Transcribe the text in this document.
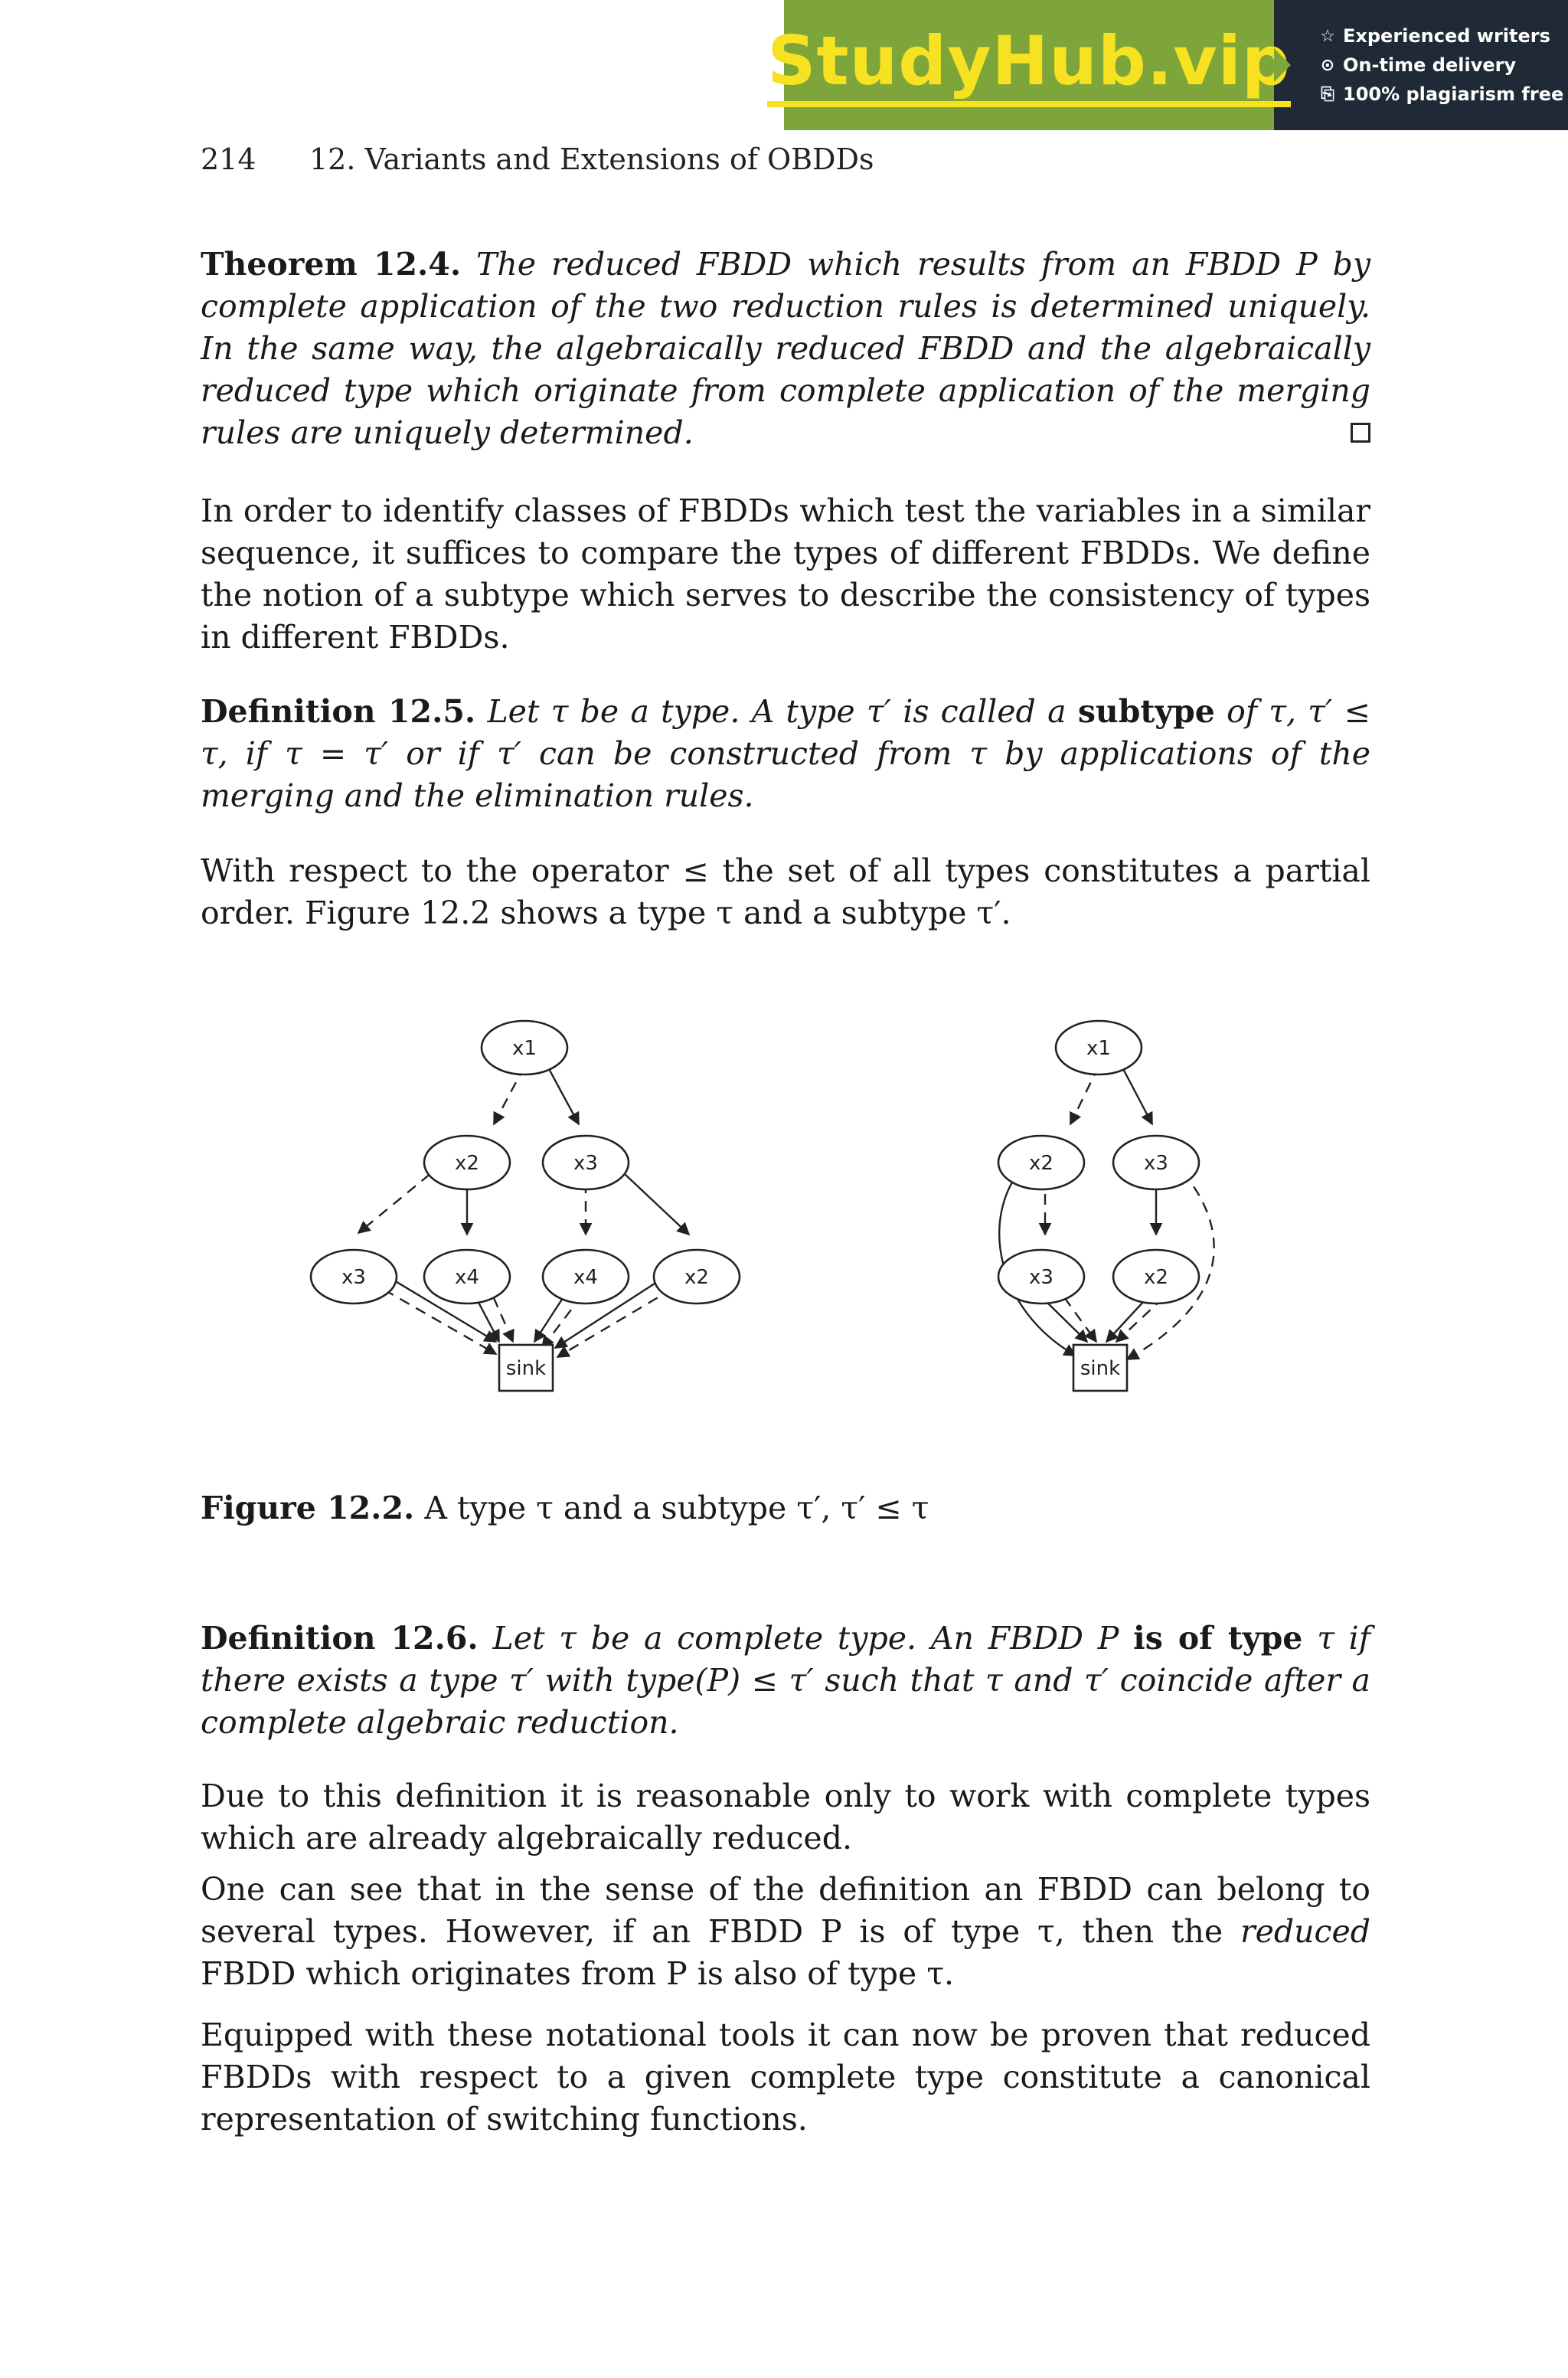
StudyHub.vip ☆ Experienced writers
⊙ On-time delivery
⎘ 100% plagiarism free
214 12. Variants and Extensions of OBDDs
Theorem 12.4. The reduced FBDD which results from an FBDD P by complete application of the two reduction rules is determined uniquely. In the same way, the algebraically reduced FBDD and the algebraically reduced type which originate from complete application of the merging rules are uniquely determined.
In order to identify classes of FBDDs which test the variables in a similar sequence, it suffices to compare the types of different FBDDs. We define the notion of a subtype which serves to describe the consistency of types in different FBDDs.
Definition 12.5. Let τ be a type. A type τ′ is called a subtype of τ, τ′ ≤ τ, if τ = τ′ or if τ′ can be constructed from τ by applications of the merging and the elimination rules.
With respect to the operator ≤ the set of all types constitutes a partial order. Figure 12.2 shows a type τ and a subtype τ′.
x1
x2	x3
x3	x4	x4	x2
sink
x1
x2	x3
x3	x2
sink
Figure 12.2. A type τ and a subtype τ′, τ′ ≤ τ
Definition 12.6. Let τ be a complete type. An FBDD P is of type τ if there exists a type τ′ with type(P) ≤ τ′ such that τ and τ′ coincide after a complete algebraic reduction.
Due to this definition it is reasonable only to work with complete types which are already algebraically reduced.
One can see that in the sense of the definition an FBDD can belong to several types. However, if an FBDD P is of type τ, then the reduced FBDD which originates from P is also of type τ.
Equipped with these notational tools it can now be proven that reduced FBDDs with respect to a given complete type constitute a canonical representation of switching functions.
